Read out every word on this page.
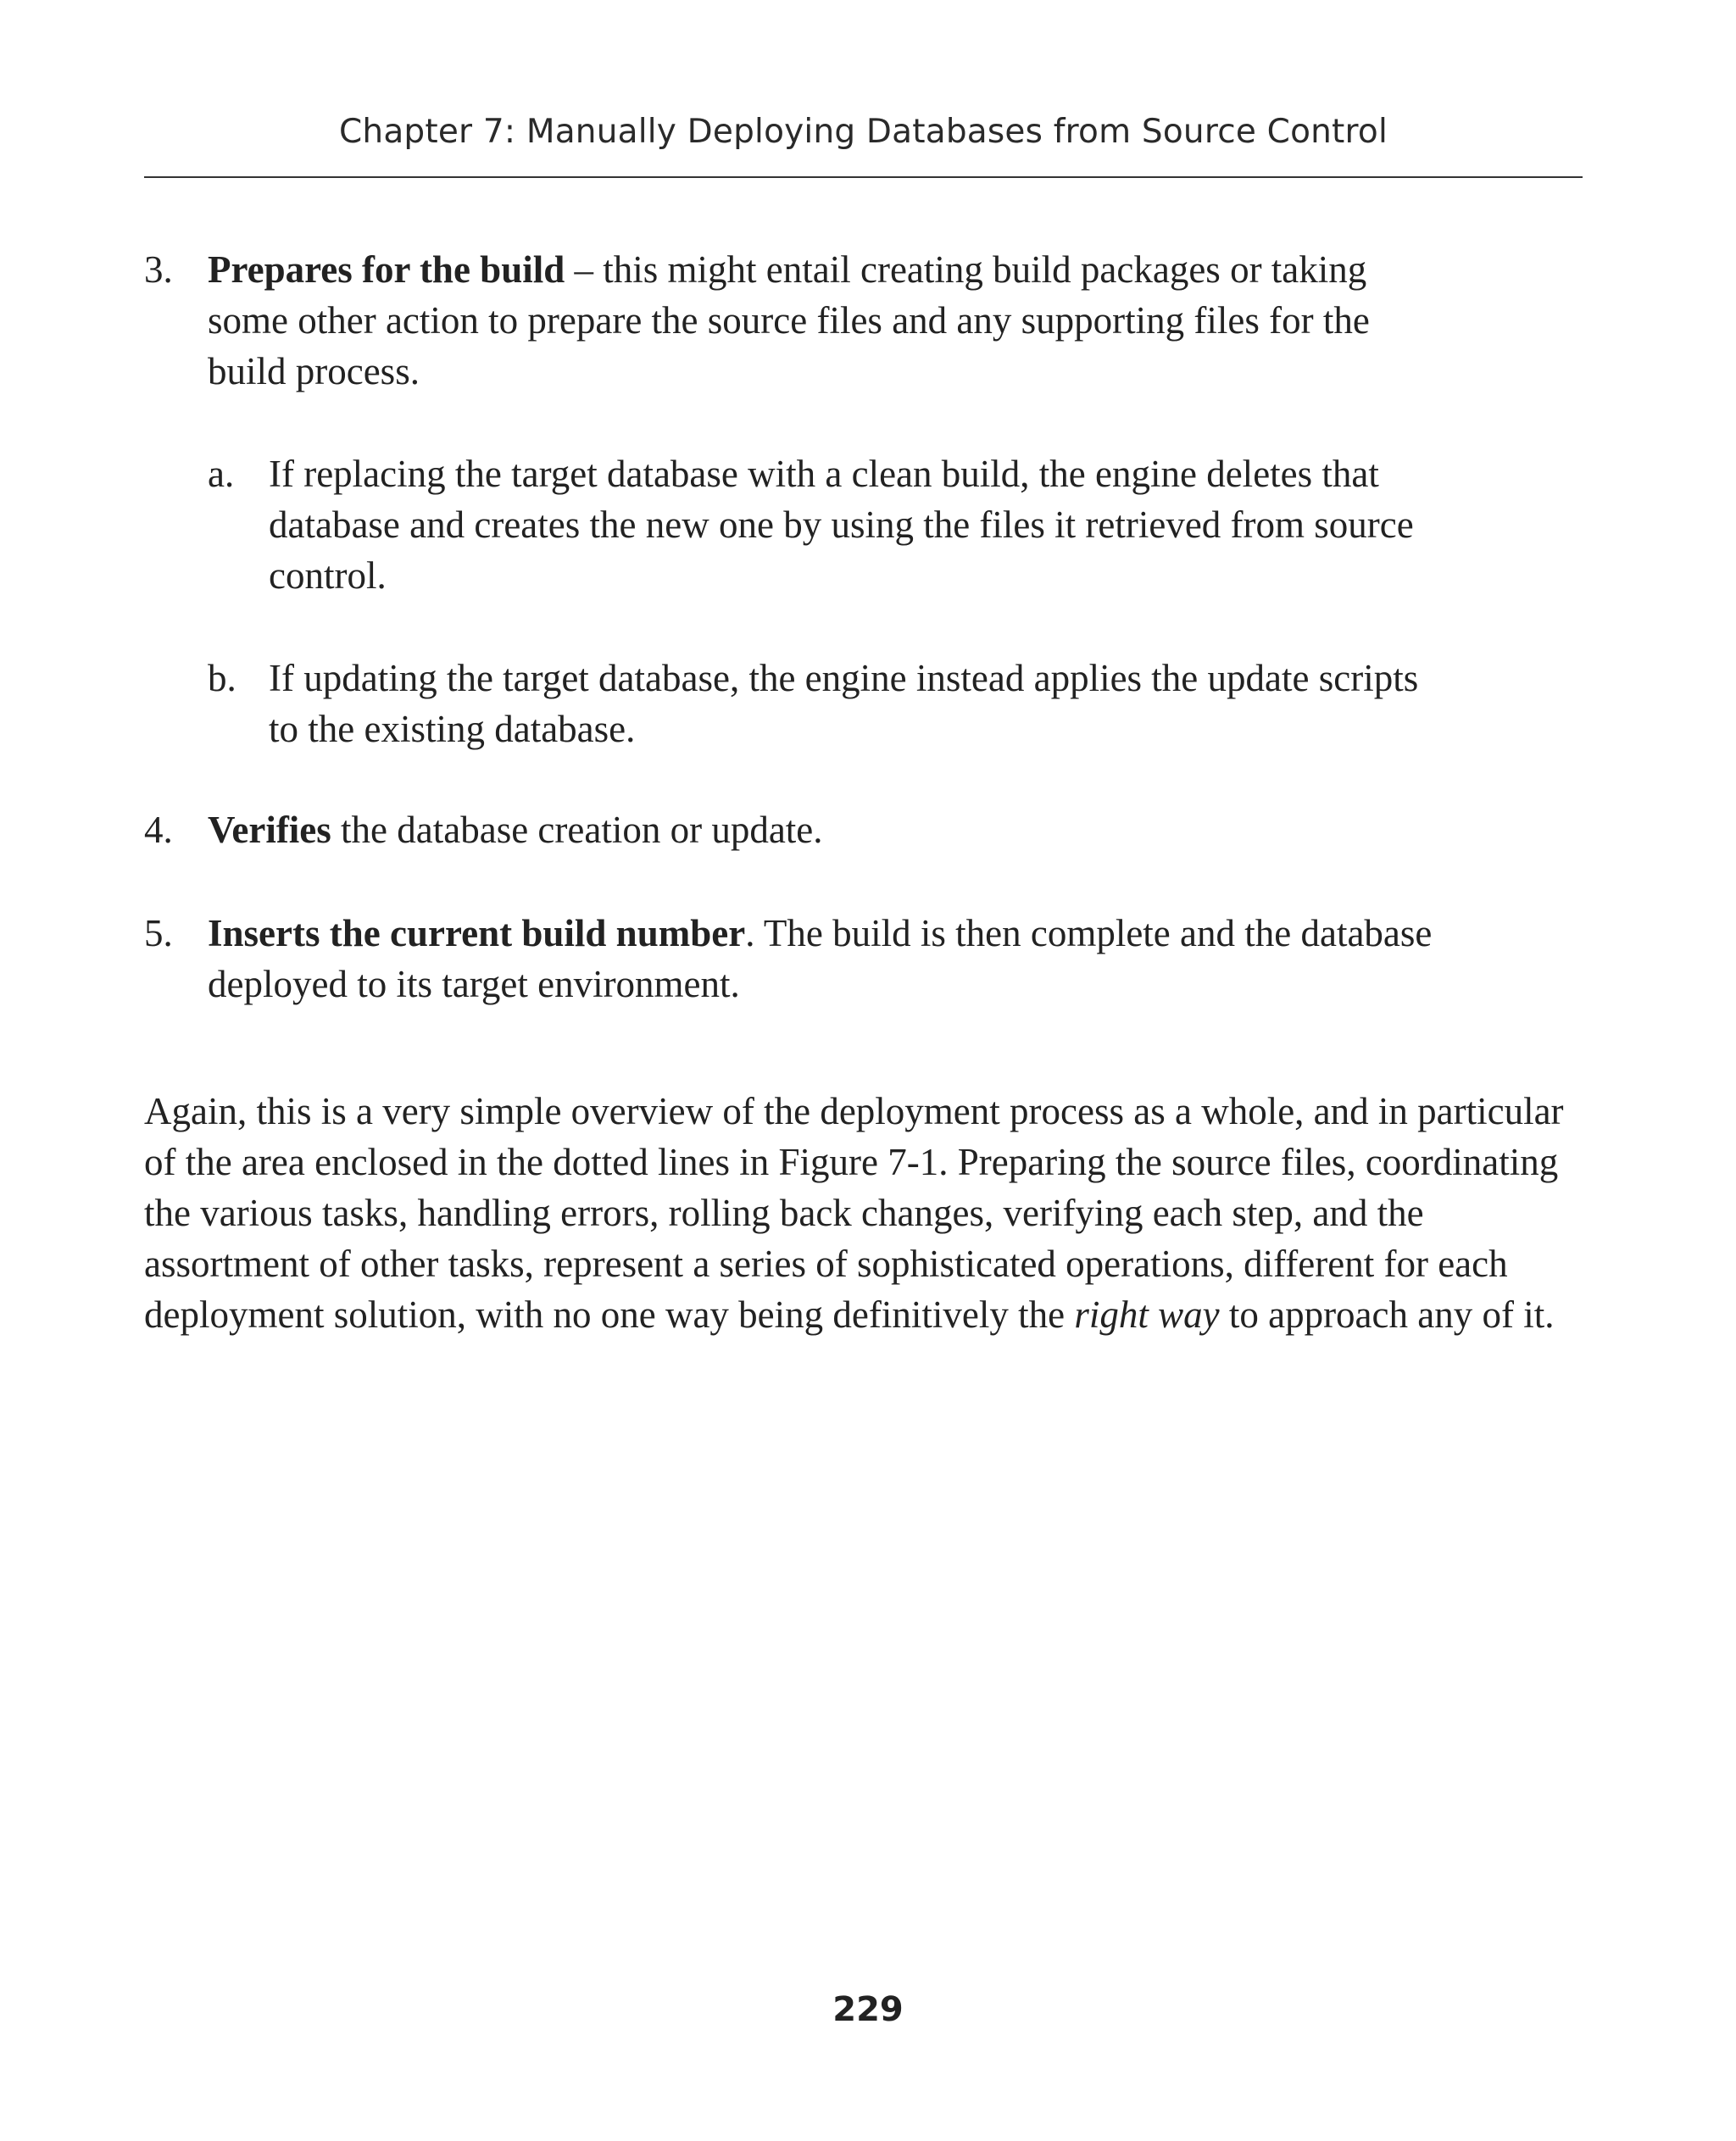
Chapter 7: Manually Deploying Databases from Source Control
3. Prepares for the build – this might entail creating build packages or taking some other action to prepare the source files and any supporting files for the build process.
a. If replacing the target database with a clean build, the engine deletes that database and creates the new one by using the files it retrieved from source control.
b. If updating the target database, the engine instead applies the update scripts to the existing database.
4. Verifies the database creation or update.
5. Inserts the current build number. The build is then complete and the database deployed to its target environment.
Again, this is a very simple overview of the deployment process as a whole, and in particular of the area enclosed in the dotted lines in Figure 7-1. Preparing the source files, coordinating the various tasks, handling errors, rolling back changes, verifying each step, and the assortment of other tasks, represent a series of sophisticated operations, different for each deployment solution, with no one way being definitively the right way to approach any of it.
229
